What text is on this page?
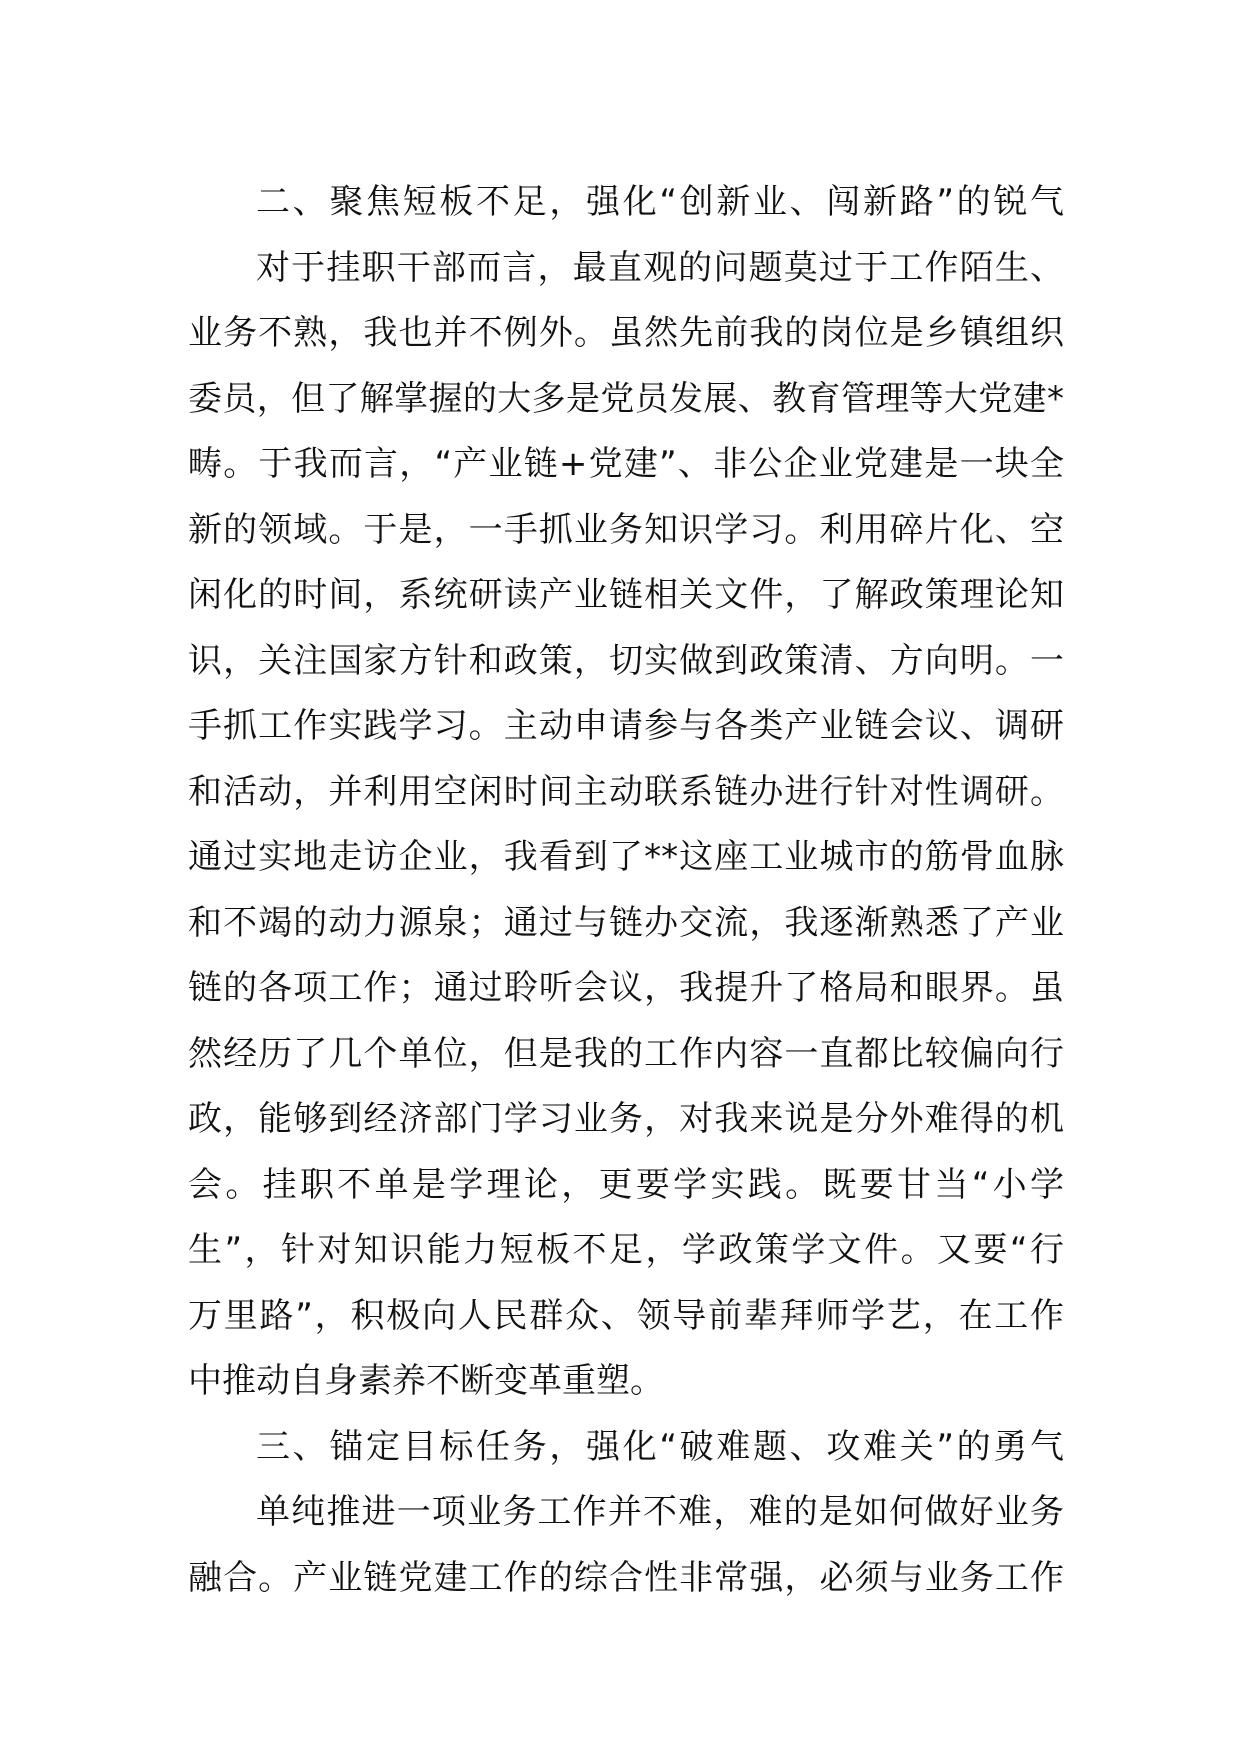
二、聚焦短板不足，强化“创新业、闯新路”的锐气
对于挂职干部而言，最直观的问题莫过于工作陌生、
业务不熟，我也并不例外。虽然先前我的岗位是乡镇组织
委员，但了解掌握的大多是党员发展、教育管理等大党建*
畴。于我而言，“产业链+党建”、非公企业党建是一块全
新的领域。于是，一手抓业务知识学习。利用碎片化、空
闲化的时间，系统研读产业链相关文件，了解政策理论知
识，关注国家方针和政策，切实做到政策清、方向明。一
手抓工作实践学习。主动申请参与各类产业链会议、调研
和活动，并利用空闲时间主动联系链办进行针对性调研。
通过实地走访企业，我看到了**这座工业城市的筋骨血脉
和不竭的动力源泉；通过与链办交流，我逐渐熟悉了产业
链的各项工作；通过聆听会议，我提升了格局和眼界。虽
然经历了几个单位，但是我的工作内容一直都比较偏向行
政，能够到经济部门学习业务，对我来说是分外难得的机
会。挂职不单是学理论，更要学实践。既要甘当“小学
生”，针对知识能力短板不足，学政策学文件。又要“行
万里路”，积极向人民群众、领导前辈拜师学艺，在工作
中推动自身素养不断变革重塑。
三、锚定目标任务，强化“破难题、攻难关”的勇气
单纯推进一项业务工作并不难，难的是如何做好业务
融合。产业链党建工作的综合性非常强，必须与业务工作
